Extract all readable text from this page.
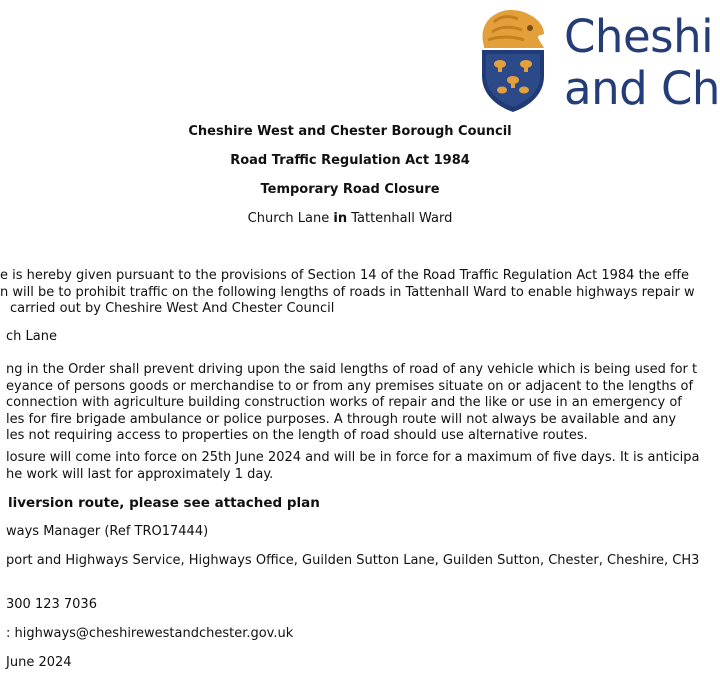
Cheshi
and Ch
Cheshire West and Chester Borough Council
Road Traffic Regulation Act 1984
Temporary Road Closure
Church Lane in Tattenhall Ward
e is hereby given pursuant to the provisions of Section 14 of the Road Traffic Regulation Act 1984 the effe
n will be to prohibit traffic on the following lengths of roads in Tattenhall Ward to enable highways repair w
carried out by Cheshire West And Chester Council
ch Lane
ng in the Order shall prevent driving upon the said lengths of road of any vehicle which is being used for t
eyance of persons goods or merchandise to or from any premises situate on or adjacent to the lengths of
connection with agriculture building construction works of repair and the like or use in an emergency of
les for fire brigade ambulance or police purposes. A through route will not always be available and any
les not requiring access to properties on the length of road should use alternative routes.
losure will come into force on 25th June 2024 and will be in force for a maximum of five days. It is anticipa
he work will last for approximately 1 day.
liversion route, please see attached plan
ways Manager (Ref TRO17444)
port and Highways Service, Highways Office, Guilden Sutton Lane, Guilden Sutton, Chester, Cheshire, CH3
300 123 7036
: highways@cheshirewestandchester.gov.uk
June 2024
